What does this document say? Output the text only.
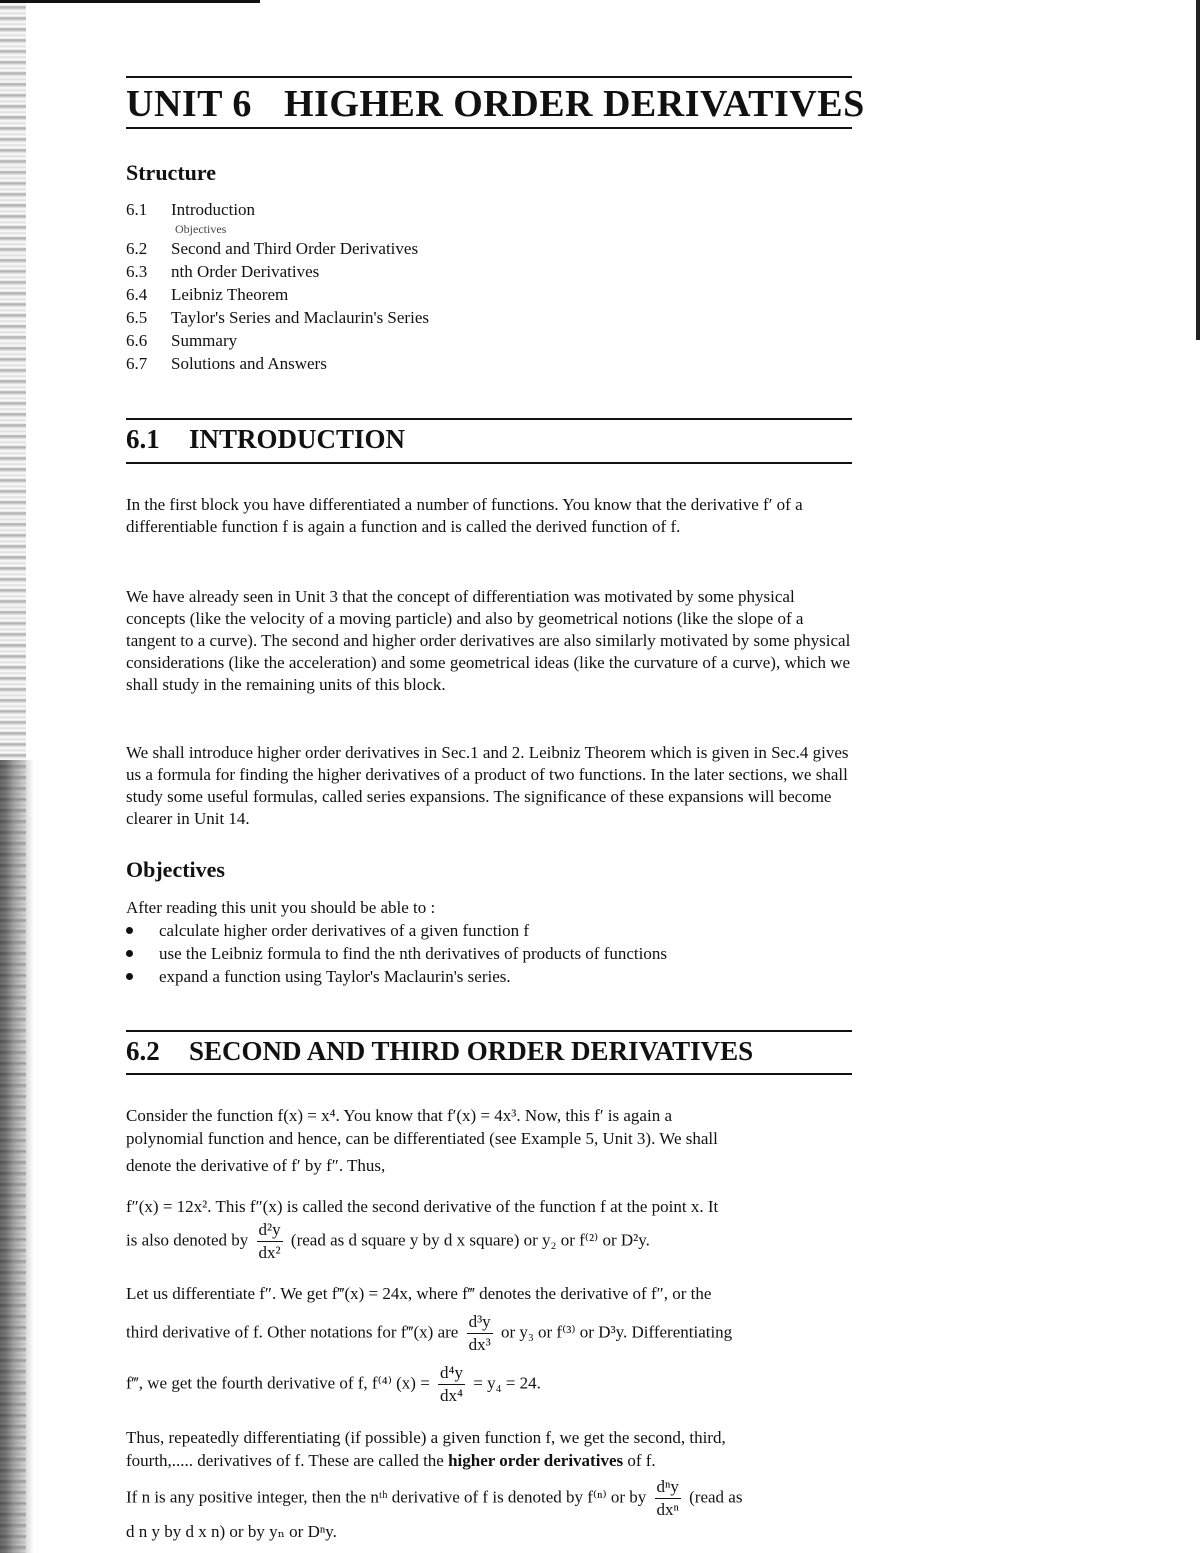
UNIT 6 HIGHER ORDER DERIVATIVES
Structure
6.1 Introduction
Objectives
6.2 Second and Third Order Derivatives
6.3 nth Order Derivatives
6.4 Leibniz Theorem
6.5 Taylor's Series and Maclaurin's Series
6.6 Summary
6.7 Solutions and Answers
6.1 INTRODUCTION
In the first block you have differentiated a number of functions. You know that the derivative f′ of a differentiable function f is again a function and is called the derived function of f.
We have already seen in Unit 3 that the concept of differentiation was motivated by some physical concepts (like the velocity of a moving particle) and also by geometrical notions (like the slope of a tangent to a curve). The second and higher order derivatives are also similarly motivated by some physical considerations (like the acceleration) and some geometrical ideas (like the curvature of a curve), which we shall study in the remaining units of this block.
We shall introduce higher order derivatives in Sec.1 and 2. Leibniz Theorem which is given in Sec.4 gives us a formula for finding the higher derivatives of a product of two functions. In the later sections, we shall study some useful formulas, called series expansions. The significance of these expansions will become clearer in Unit 14.
Objectives
After reading this unit you should be able to :
calculate higher order derivatives of a given function f
use the Leibniz formula to find the nth derivatives of products of functions
expand a function using Taylor's Maclaurin's series.
6.2 SECOND AND THIRD ORDER DERIVATIVES
Consider the function f(x) = x⁴. You know that f′(x) = 4x³. Now, this f′ is again a
polynomial function and hence, can be differentiated (see Example 5, Unit 3). We shall
denote the derivative of f′ by f″. Thus,
f″(x) = 12x². This f″(x) is called the second derivative of the function f at the point x. It
is also denoted by $\frac{\text{d²y}}{\text{dx²}}$ (read as d square y by d x square) or y₂ or f⁽²⁾ or D²y.
Let us differentiate f″. We get f‴(x) = 24x, where f‴ denotes the derivative of f″, or the
third derivative of f. Other notations for f‴(x) are $\frac{\text{d³y}}{\text{dx³}}$ or y₃ or f⁽³⁾ or D³y. Differentiating
f‴, we get the fourth derivative of f, f⁽⁴⁾ $(x) = \frac{\text{d⁴y}}{\text{dx⁴}} = y_4 = 24$.
Thus, repeatedly differentiating (if possible) a given function f, we get the second, third,
fourth,..... derivatives of f. These are called the higher order derivatives of f.
If n is any positive integer, then the nᵗʰ derivative of f is denoted by f⁽ⁿ⁾ or by $\frac{\text{dⁿy}}{\text{dxⁿ}}$ (read as
d n y by d x n) or by yₙ or Dⁿy.
